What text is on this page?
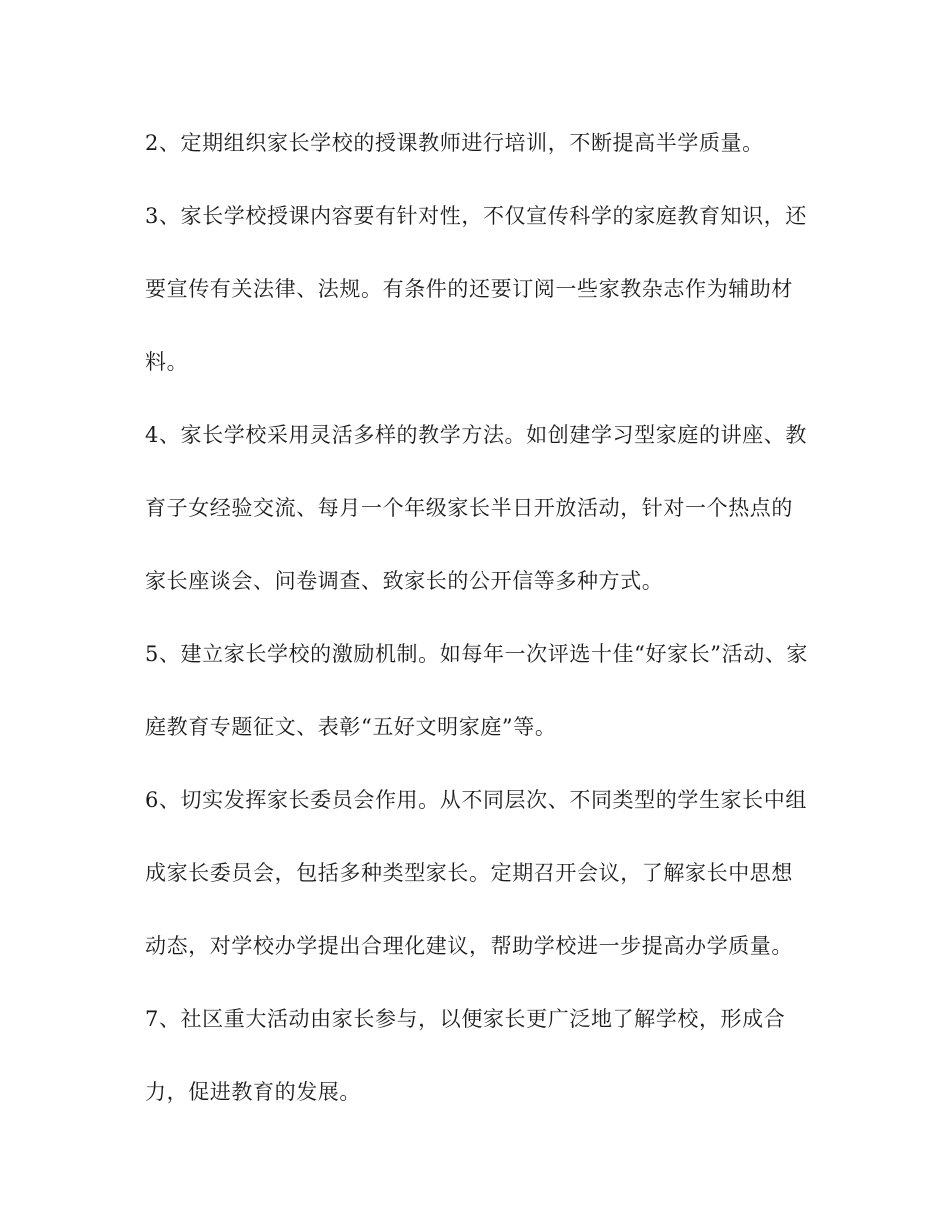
2、定期组织家长学校的授课教师进行培训，不断提高半学质量。
3、家长学校授课内容要有针对性，不仅宣传科学的家庭教育知识，还
要宣传有关法律、法规。有条件的还要订阅一些家教杂志作为辅助材
料。
4、家长学校采用灵活多样的教学方法。如创建学习型家庭的讲座、教
育子女经验交流、每月一个年级家长半日开放活动，针对一个热点的
家长座谈会、问卷调查、致家长的公开信等多种方式。
5、建立家长学校的激励机制。如每年一次评选十佳“好家长”活动、家
庭教育专题征文、表彰“五好文明家庭”等。
6、切实发挥家长委员会作用。从不同层次、不同类型的学生家长中组
成家长委员会，包括多种类型家长。定期召开会议，了解家长中思想
动态，对学校办学提出合理化建议，帮助学校进一步提高办学质量。
7、社区重大活动由家长参与，以便家长更广泛地了解学校，形成合
力，促进教育的发展。
